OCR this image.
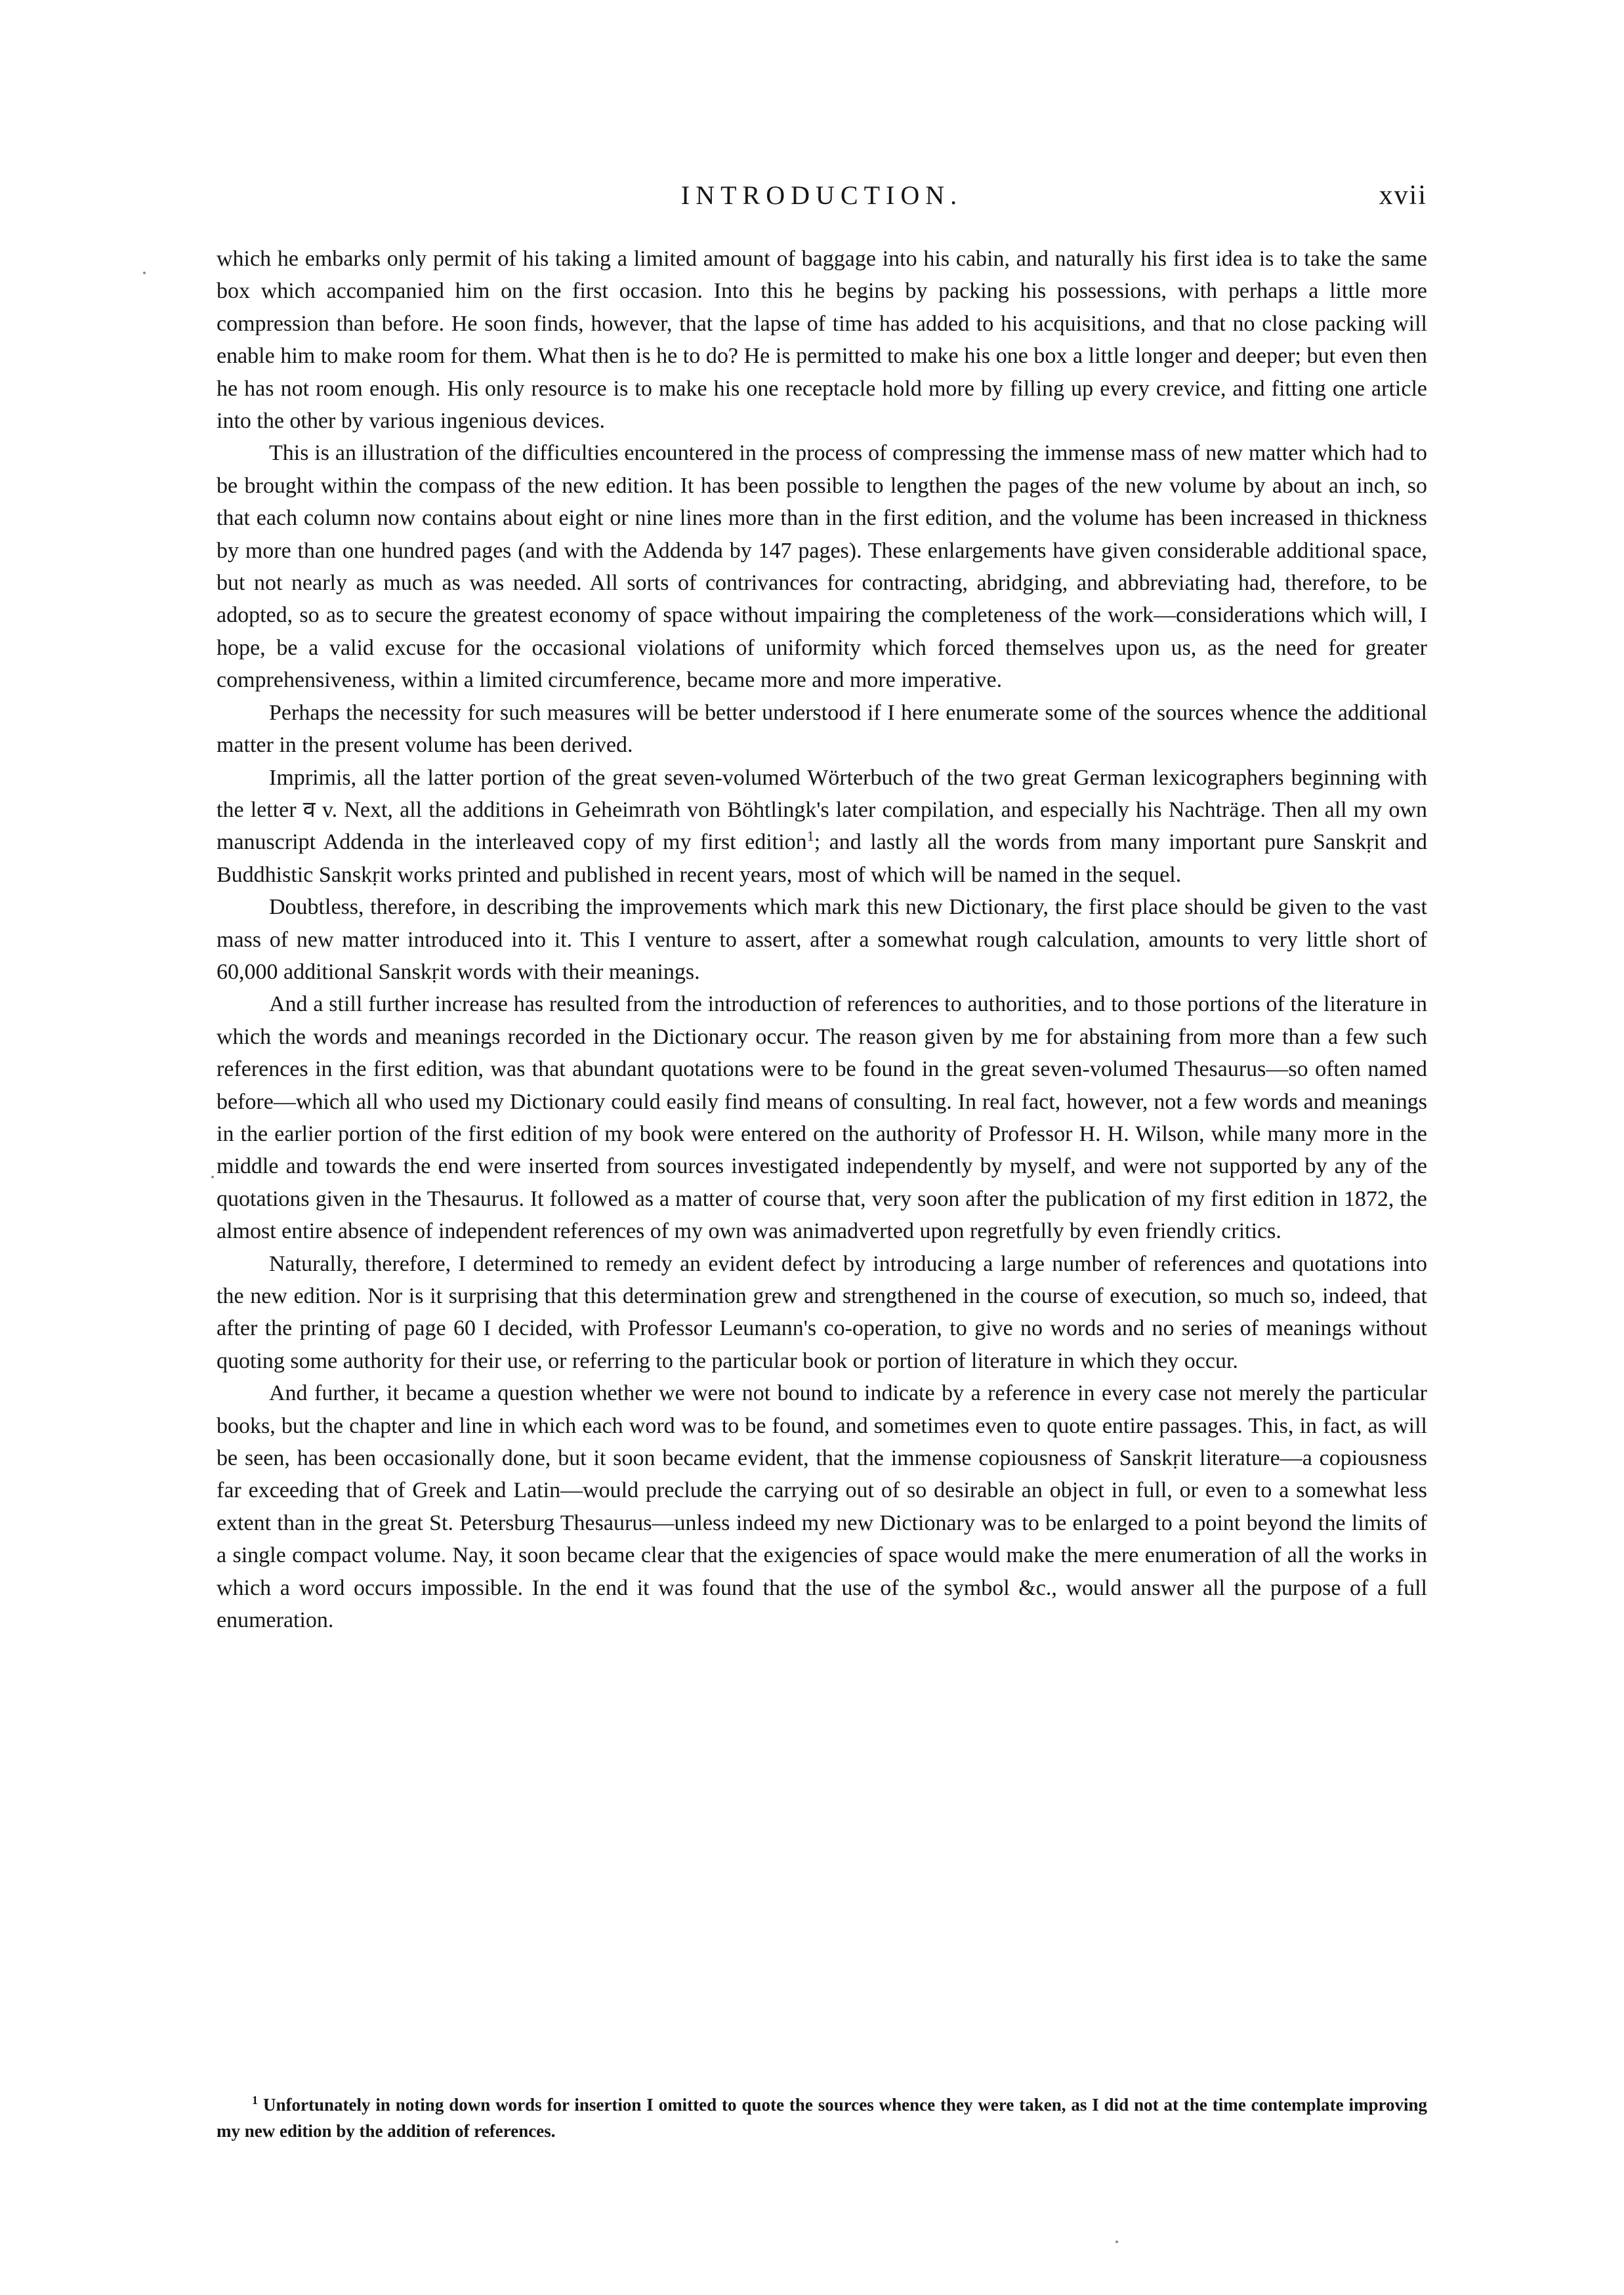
INTRODUCTION.	xvii

which he embarks only permit of his taking a limited amount of baggage into his cabin, and naturally his first idea is to take the same box which accompanied him on the first occasion. Into this he begins by packing his possessions, with perhaps a little more compression than before. He soon finds, however, that the lapse of time has added to his acquisitions, and that no close packing will enable him to make room for them. What then is he to do? He is permitted to make his one box a little longer and deeper; but even then he has not room enough. His only resource is to make his one receptacle hold more by filling up every crevice, and fitting one article into the other by various ingenious devices.

This is an illustration of the difficulties encountered in the process of compressing the immense mass of new matter which had to be brought within the compass of the new edition. It has been possible to lengthen the pages of the new volume by about an inch, so that each column now contains about eight or nine lines more than in the first edition, and the volume has been increased in thickness by more than one hundred pages (and with the Addenda by 147 pages). These enlargements have given considerable additional space, but not nearly as much as was needed. All sorts of contrivances for contracting, abridging, and abbreviating had, therefore, to be adopted, so as to secure the greatest economy of space without impairing the completeness of the work—considerations which will, I hope, be a valid excuse for the occasional violations of uniformity which forced themselves upon us, as the need for greater comprehensiveness, within a limited circumference, became more and more imperative.

Perhaps the necessity for such measures will be better understood if I here enumerate some of the sources whence the additional matter in the present volume has been derived.

Imprimis, all the latter portion of the great seven-volumed Wörterbuch of the two great German lexicographers beginning with the letter व v. Next, all the additions in Geheimrath von Böhtlingk's later compilation, and especially his Nachträge. Then all my own manuscript Addenda in the interleaved copy of my first edition$^1$; and lastly all the words from many important pure Sanskṛit and Buddhistic Sanskṛit works printed and published in recent years, most of which will be named in the sequel.

Doubtless, therefore, in describing the improvements which mark this new Dictionary, the first place should be given to the vast mass of new matter introduced into it. This I venture to assert, after a somewhat rough calculation, amounts to very little short of 60,000 additional Sanskṛit words with their meanings.

And a still further increase has resulted from the introduction of references to authorities, and to those portions of the literature in which the words and meanings recorded in the Dictionary occur. The reason given by me for abstaining from more than a few such references in the first edition, was that abundant quotations were to be found in the great seven-volumed Thesaurus—so often named before—which all who used my Dictionary could easily find means of consulting. In real fact, however, not a few words and meanings in the earlier portion of the first edition of my book were entered on the authority of Professor H. H. Wilson, while many more in the middle and towards the end were inserted from sources investigated independently by myself, and were not supported by any of the quotations given in the Thesaurus. It followed as a matter of course that, very soon after the publication of my first edition in 1872, the almost entire absence of independent references of my own was animadverted upon regretfully by even friendly critics.

Naturally, therefore, I determined to remedy an evident defect by introducing a large number of references and quotations into the new edition. Nor is it surprising that this determination grew and strengthened in the course of execution, so much so, indeed, that after the printing of page 60 I decided, with Professor Leumann's co-operation, to give no words and no series of meanings without quoting some authority for their use, or referring to the particular book or portion of literature in which they occur.

And further, it became a question whether we were not bound to indicate by a reference in every case not merely the particular books, but the chapter and line in which each word was to be found, and sometimes even to quote entire passages. This, in fact, as will be seen, has been occasionally done, but it soon became evident, that the immense copiousness of Sanskṛit literature—a copiousness far exceeding that of Greek and Latin—would preclude the carrying out of so desirable an object in full, or even to a somewhat less extent than in the great St. Petersburg Thesaurus—unless indeed my new Dictionary was to be enlarged to a point beyond the limits of a single compact volume. Nay, it soon became clear that the exigencies of space would make the mere enumeration of all the works in which a word occurs impossible. In the end it was found that the use of the symbol &c., would answer all the purpose of a full enumeration.

$^1$ Unfortunately in noting down words for insertion I omitted to quote the sources whence they were taken, as I did not at the time contemplate improving my new edition by the addition of references.
